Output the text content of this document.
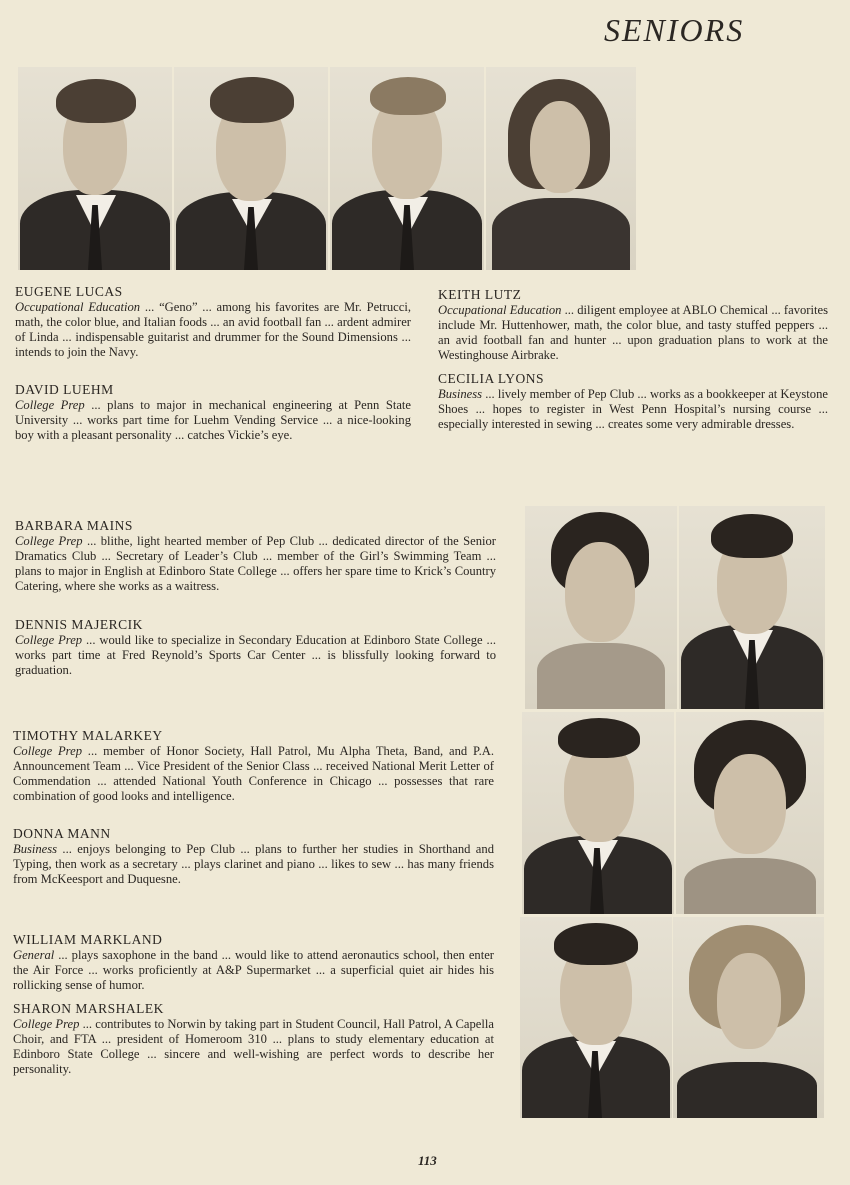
SENIORS
EUGENE LUCAS
Occupational Education ... “Geno” ... among his favorites are Mr. Petrucci, math, the color blue, and Italian foods ... an avid football fan ... ardent admirer of Linda ... indispensable guitarist and drummer for the Sound Dimensions ... intends to join the Navy.
DAVID LUEHM
College Prep ... plans to major in mechanical engineering at Penn State University ... works part time for Luehm Vending Service ... a nice-looking boy with a pleasant personality ... catches Vickie’s eye.
KEITH LUTZ
Occupational Education ... diligent employee at ABLO Chemical ... favorites include Mr. Huttenhower, math, the color blue, and tasty stuffed peppers ... an avid football fan and hunter ... upon graduation plans to work at the Westinghouse Airbrake.
CECILIA LYONS
Business ... lively member of Pep Club ... works as a bookkeeper at Keystone Shoes ... hopes to register in West Penn Hospital’s nursing course ... especially interested in sewing ... creates some very admirable dresses.
BARBARA MAINS
College Prep ... blithe, light hearted member of Pep Club ... dedicated director of the Senior Dramatics Club ... Secretary of Leader’s Club ... member of the Girl’s Swimming Team ... plans to major in English at Edinboro State College ... offers her spare time to Krick’s Country Catering, where she works as a waitress.
DENNIS MAJERCIK
College Prep ... would like to specialize in Secondary Education at Edinboro State College ... works part time at Fred Reynold’s Sports Car Center ... is blissfully looking forward to graduation.
TIMOTHY MALARKEY
College Prep ... member of Honor Society, Hall Patrol, Mu Alpha Theta, Band, and P.A. Announcement Team ... Vice President of the Senior Class ... received National Merit Letter of Commendation ... attended National Youth Conference in Chicago ... possesses that rare combination of good looks and intelligence.
DONNA MANN
Business ... enjoys belonging to Pep Club ... plans to further her studies in Shorthand and Typing, then work as a secretary ... plays clarinet and piano ... likes to sew ... has many friends from McKeesport and Duquesne.
WILLIAM MARKLAND
General ... plays saxophone in the band ... would like to attend aeronautics school, then enter the Air Force ... works proficiently at A&P Supermarket ... a superficial quiet air hides his rollicking sense of humor.
SHARON MARSHALEK
College Prep ... contributes to Norwin by taking part in Student Council, Hall Patrol, A Capella Choir, and FTA ... president of Homeroom 310 ... plans to study elementary education at Edinboro State College ... sincere and well-wishing are perfect words to describe her personality.
113
